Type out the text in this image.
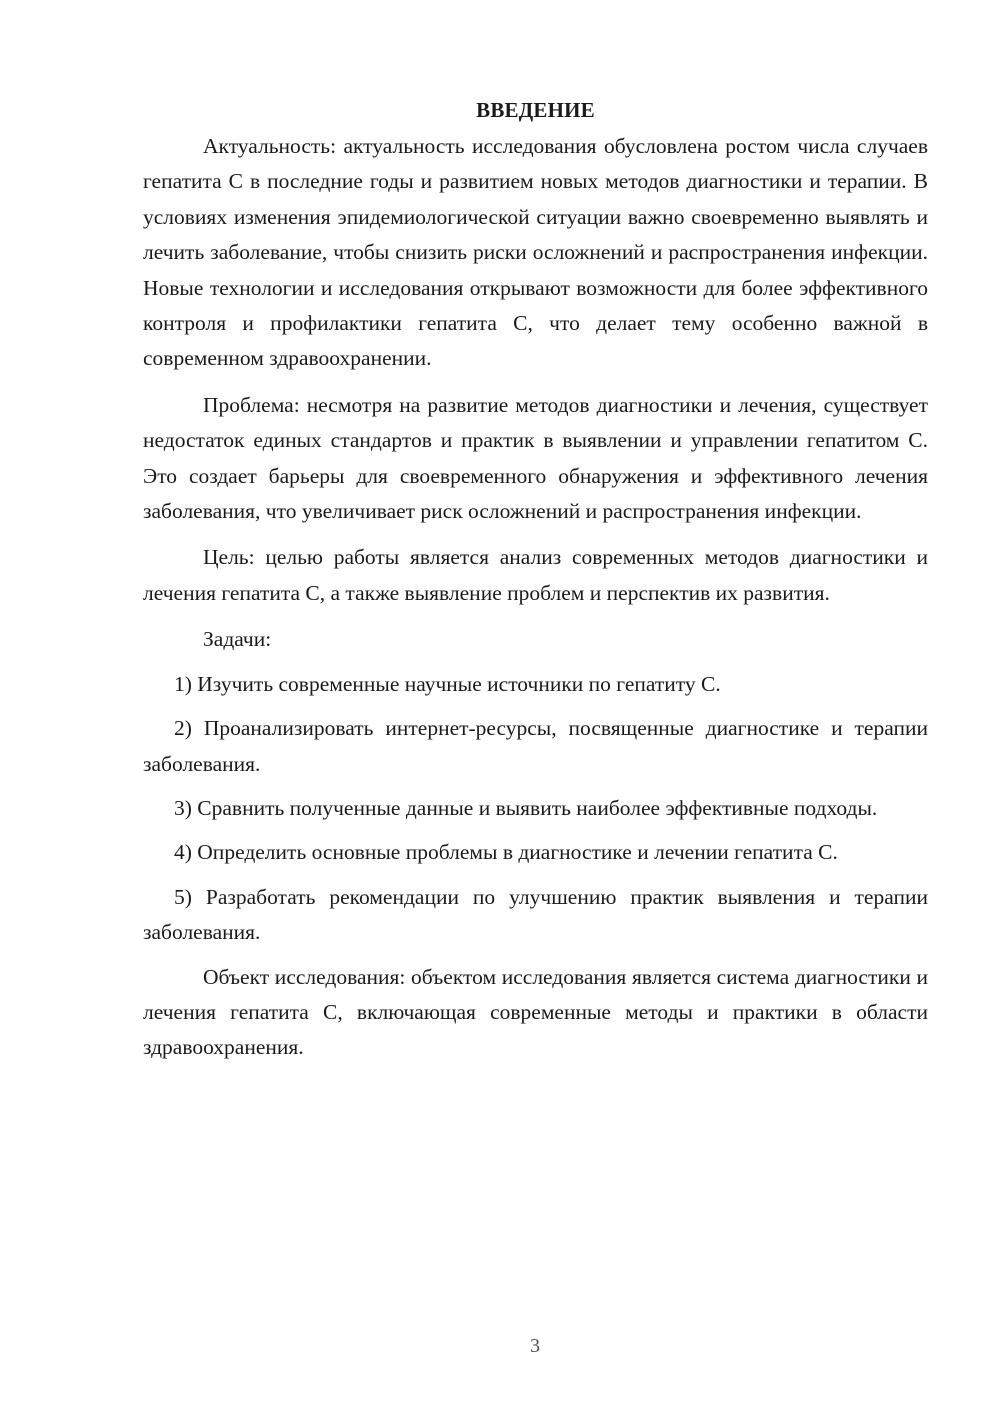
ВВЕДЕНИЕ

Актуальность: актуальность исследования обусловлена ростом числа случаев гепатита С в последние годы и развитием новых методов диагностики и терапии. В условиях изменения эпидемиологической ситуации важно своевременно выявлять и лечить заболевание, чтобы снизить риски осложнений и распространения инфекции. Новые технологии и исследования открывают возможности для более эффективного контроля и профилактики гепатита С, что делает тему особенно важной в современном здравоохранении.

Проблема: несмотря на развитие методов диагностики и лечения, существует недостаток единых стандартов и практик в выявлении и управлении гепатитом С. Это создает барьеры для своевременного обнаружения и эффективного лечения заболевания, что увеличивает риск осложнений и распространения инфекции.

Цель: целью работы является анализ современных методов диагностики и лечения гепатита С, а также выявление проблем и перспектив их развития.

Задачи:

1) Изучить современные научные источники по гепатиту С.

2) Проанализировать интернет-ресурсы, посвященные диагностике и терапии заболевания.

3) Сравнить полученные данные и выявить наиболее эффективные подходы.

4) Определить основные проблемы в диагностике и лечении гепатита С.

5) Разработать рекомендации по улучшению практик выявления и терапии заболевания.

Объект исследования: объектом исследования является система диагностики и лечения гепатита С, включающая современные методы и практики в области здравоохранения.

3
